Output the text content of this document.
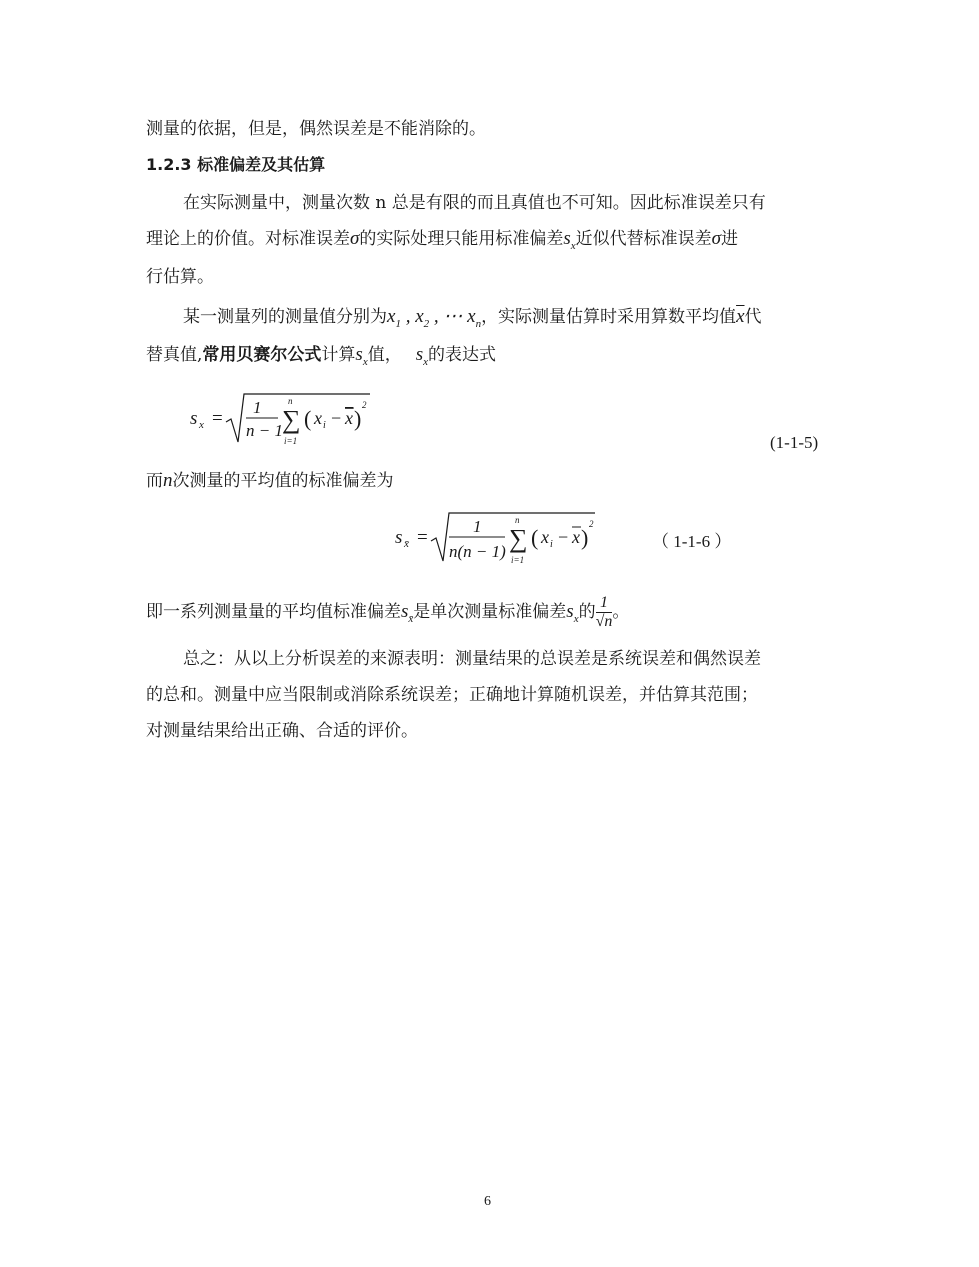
测量的依据，但是，偶然误差是不能消除的。
1.2.3 标准偏差及其估算
在实际测量中，测量次数 n 总是有限的而且真值也不可知。因此标准误差只有
理论上的价值。对标准误差σ的实际处理只能用标准偏差$s_x$近似代替标准误差σ进
行估算。
某一测量列的测量值分别为$x_1$ , $x_2$ , ⋯ $x_n$，实际测量估算时采用算数平均值$\overline{x}$代
替真值,常用贝赛尔公式计算$s_x$值， $s_x$的表达式
s x =
1
n − 1 ∑
n
i=1
( x i − x )
2
(1-1-5)
而n次测量的平均值的标准偏差为
s x̄ =
1
n(n − 1) ∑
n
i=1
( x i − x )
2
（ 1-1-6 ）
即一系列测量量的平均值标准偏差$s_{x̄}$是单次测量标准偏差$s_x$的 $\frac{1}{√n}$ 。
总之：从以上分析误差的来源表明：测量结果的总误差是系统误差和偶然误差
的总和。测量中应当限制或消除系统误差；正确地计算随机误差，并估算其范围；
对测量结果给出正确、合适的评价。
6
